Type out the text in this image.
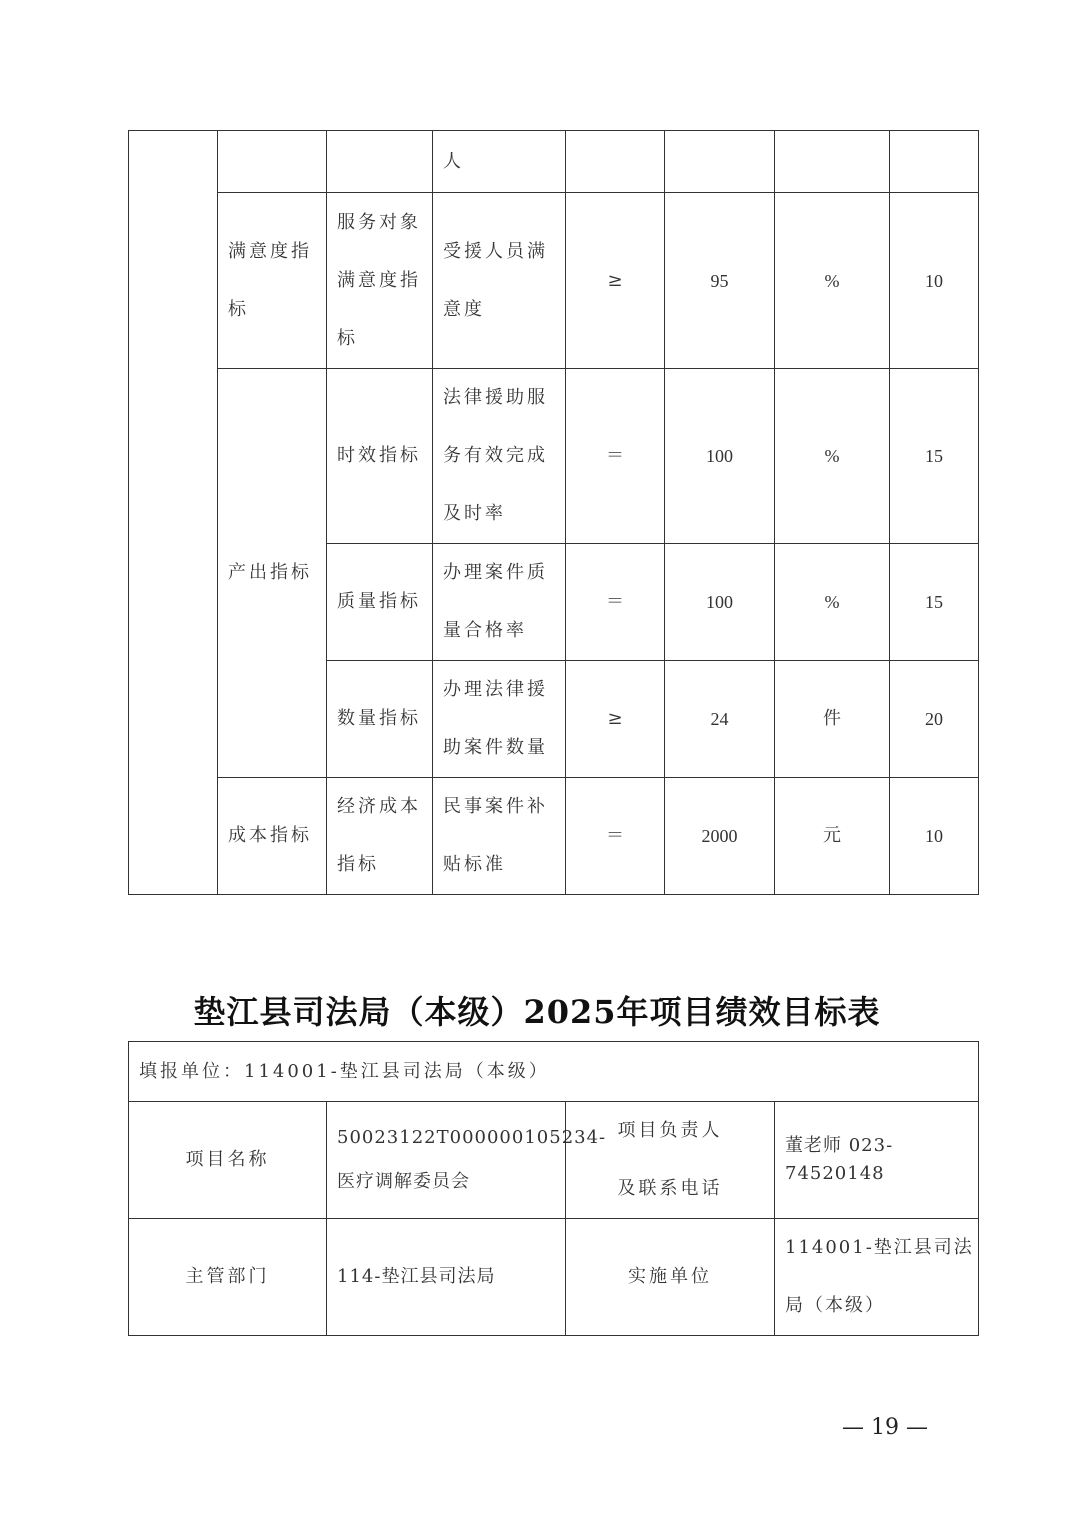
			人				
	满意度指标	服务对象满意度指标	受援人员满意度	≥	95	%	10
	产出指标	时效指标	法律援助服务有效完成及时率	＝	100	%	15
		质量指标	办理案件质量合格率	＝	100	%	15
		数量指标	办理法律援助案件数量	≥	24	件	20
	成本指标	经济成本指标	民事案件补贴标准	＝	2000	元	10
垫江县司法局（本级）2025年项目绩效目标表
填报单位：114001-垫江县司法局（本级）			
项目名称	50023122T000000105234-医疗调解委员会	项目负责人及联系电话	董老师 023-74520148
主管部门	114-垫江县司法局	实施单位	114001-垫江县司法局（本级）
— 19 —
